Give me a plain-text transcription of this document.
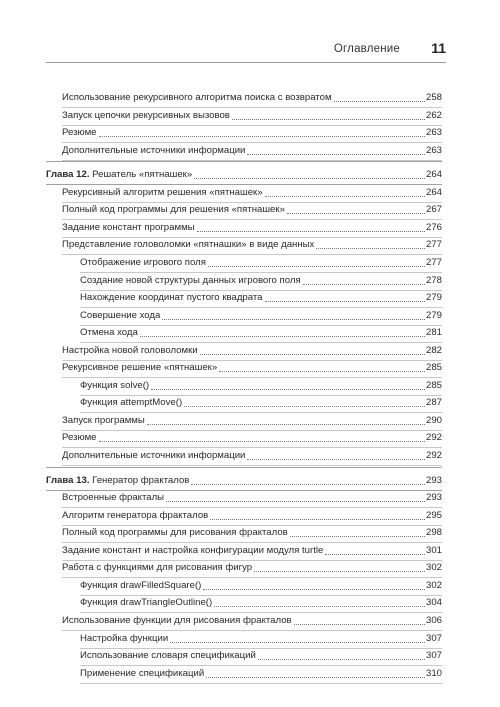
Оглавление 11
Использование рекурсивного алгоритма поиска с возвратом	258
Запуск цепочки рекурсивных вызовов	262
Резюме	263
Дополнительные источники информации	263
Глава 12. Решатель «пятнашек»	264
Рекурсивный алгоритм решения «пятнашек»	264
Полный код программы для решения «пятнашек»	267
Задание констант программы	276
Представление головоломки «пятнашки» в виде данных	277
Отображение игрового поля	277
Создание новой структуры данных игрового поля	278
Нахождение координат пустого квадрата	279
Совершение хода	279
Отмена хода	281
Настройка новой головоломки	282
Рекурсивное решение «пятнашек»	285
Функция solve()	285
Функция attemptMove()	287
Запуск программы	290
Резюме	292
Дополнительные источники информации	292
Глава 13. Генератор фракталов	293
Встроенные фракталы	293
Алгоритм генератора фракталов	295
Полный код программы для рисования фракталов	298
Задание констант и настройка конфигурации модуля turtle	301
Работа с функциями для рисования фигур	302
Функция drawFilledSquare()	302
Функция drawTriangleOutline()	304
Использование функции для рисования фракталов	306
Настройка функции	307
Использование словаря спецификаций	307
Применение спецификаций	310
